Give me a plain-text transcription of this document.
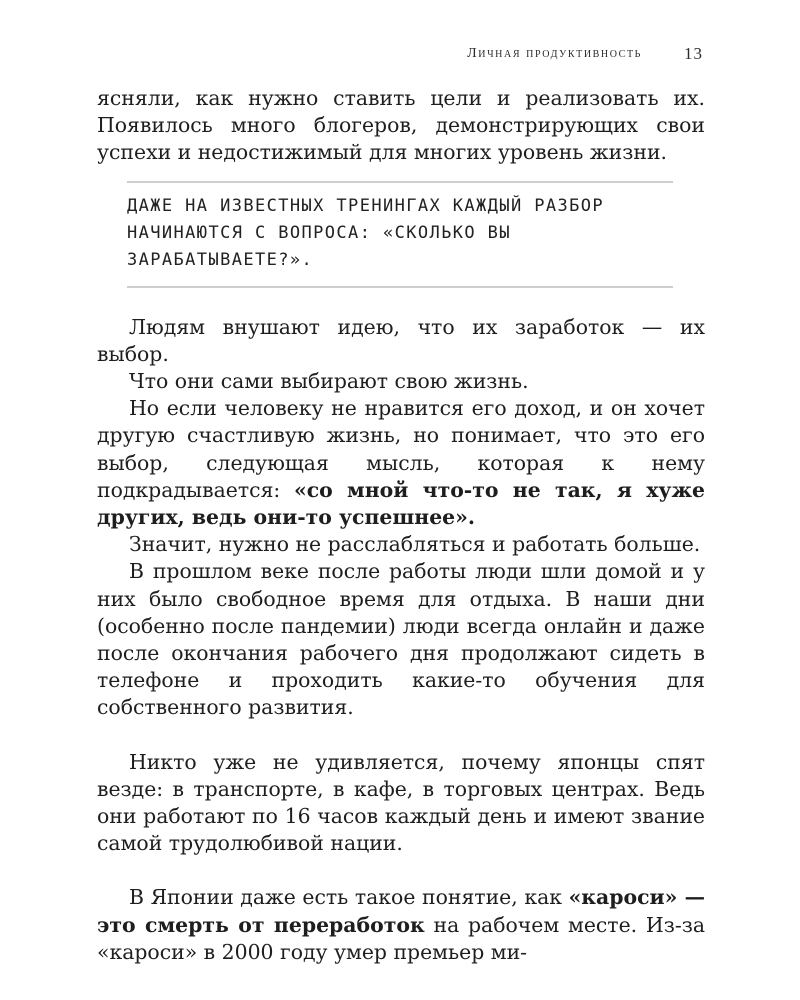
Личная продуктивность 13

ясняли, как нужно ставить цели и реализовать их. Появилось много блогеров, демонстрирующих свои успехи и недостижимый для многих уровень жизни.

ДАЖЕ НА ИЗВЕСТНЫХ ТРЕНИНГАХ КАЖДЫЙ РАЗБОР НАЧИНАЮТСЯ С ВОПРОСА: «СКОЛЬКО ВЫ ЗАРАБАТЫВАЕТЕ?».

Людям внушают идею, что их заработок — их выбор.

Что они сами выбирают свою жизнь.

Но если человеку не нравится его доход, и он хочет другую счастливую жизнь, но понимает, что это его выбор, следующая мысль, которая к нему подкрадывается: «со мной что-то не так, я хуже других, ведь они-то успешнее».

Значит, нужно не расслабляться и работать больше.

В прошлом веке после работы люди шли домой и у них было свободное время для отдыха. В наши дни (особенно после пандемии) люди всегда онлайн и даже после окончания рабочего дня продолжают сидеть в телефоне и проходить какие-то обучения для собственного развития.

Никто уже не удивляется, почему японцы спят везде: в транспорте, в кафе, в торговых центрах. Ведь они работают по 16 часов каждый день и имеют звание самой трудолюбивой нации.

В Японии даже есть такое понятие, как «кароси» — это смерть от переработок на рабочем месте. Из-за «кароси» в 2000 году умер премьер ми-
